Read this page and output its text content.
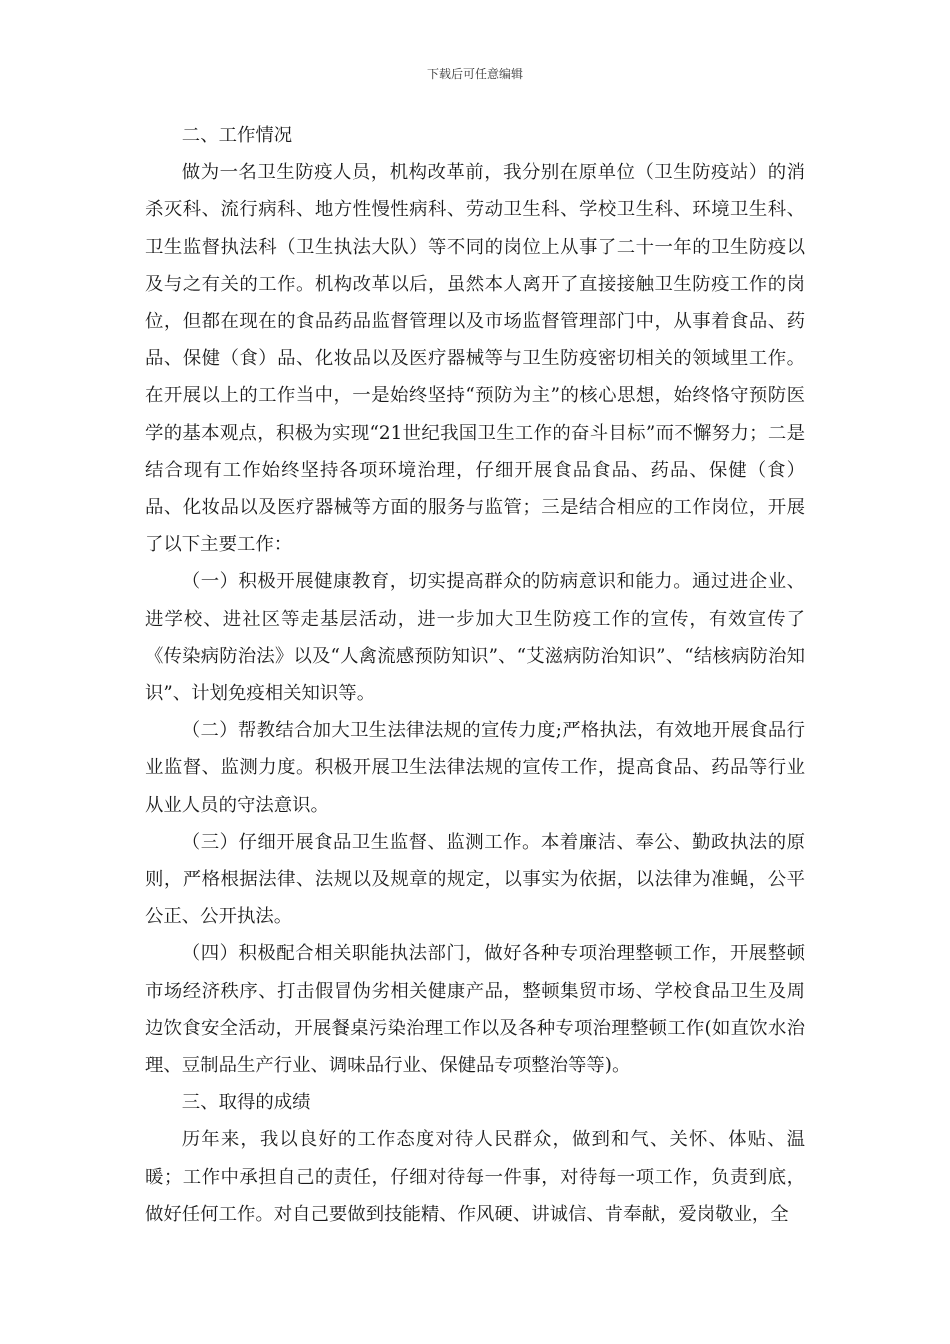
下载后可任意编辑

二、工作情况

做为一名卫生防疫人员，机构改革前，我分别在原单位（卫生防疫站）的消杀灭科、流行病科、地方性慢性病科、劳动卫生科、学校卫生科、环境卫生科、卫生监督执法科（卫生执法大队）等不同的岗位上从事了二十一年的卫生防疫以及与之有关的工作。机构改革以后，虽然本人离开了直接接触卫生防疫工作的岗位，但都在现在的食品药品监督管理以及市场监督管理部门中，从事着食品、药品、保健（食）品、化妆品以及医疗器械等与卫生防疫密切相关的领域里工作。在开展以上的工作当中，一是始终坚持“预防为主”的核心思想，始终恪守预防医学的基本观点，积极为实现“21世纪我国卫生工作的奋斗目标”而不懈努力；二是结合现有工作始终坚持各项环境治理，仔细开展食品食品、药品、保健（食）品、化妆品以及医疗器械等方面的服务与监管；三是结合相应的工作岗位，开展了以下主要工作：

（一）积极开展健康教育，切实提高群众的防病意识和能力。通过进企业、进学校、进社区等走基层活动，进一步加大卫生防疫工作的宣传，有效宣传了《传染病防治法》以及“人禽流感预防知识”、“艾滋病防治知识”、“结核病防治知识”、计划免疫相关知识等。

（二）帮教结合加大卫生法律法规的宣传力度;严格执法，有效地开展食品行业监督、监测力度。积极开展卫生法律法规的宣传工作，提高食品、药品等行业从业人员的守法意识。

（三）仔细开展食品卫生监督、监测工作。本着廉洁、奉公、勤政执法的原则，严格根据法律、法规以及规章的规定，以事实为依据，以法律为准蝇，公平公正、公开执法。

（四）积极配合相关职能执法部门，做好各种专项治理整顿工作，开展整顿市场经济秩序、打击假冒伪劣相关健康产品，整顿集贸市场、学校食品卫生及周边饮食安全活动，开展餐桌污染治理工作以及各种专项治理整顿工作(如直饮水治理、豆制品生产行业、调味品行业、保健品专项整治等等)。

三、取得的成绩

历年来，我以良好的工作态度对待人民群众，做到和气、关怀、体贴、温暖；工作中承担自己的责任，仔细对待每一件事，对待每一项工作，负责到底，做好任何工作。对自己要做到技能精、作风硬、讲诚信、肯奉献，爱岗敬业，全
